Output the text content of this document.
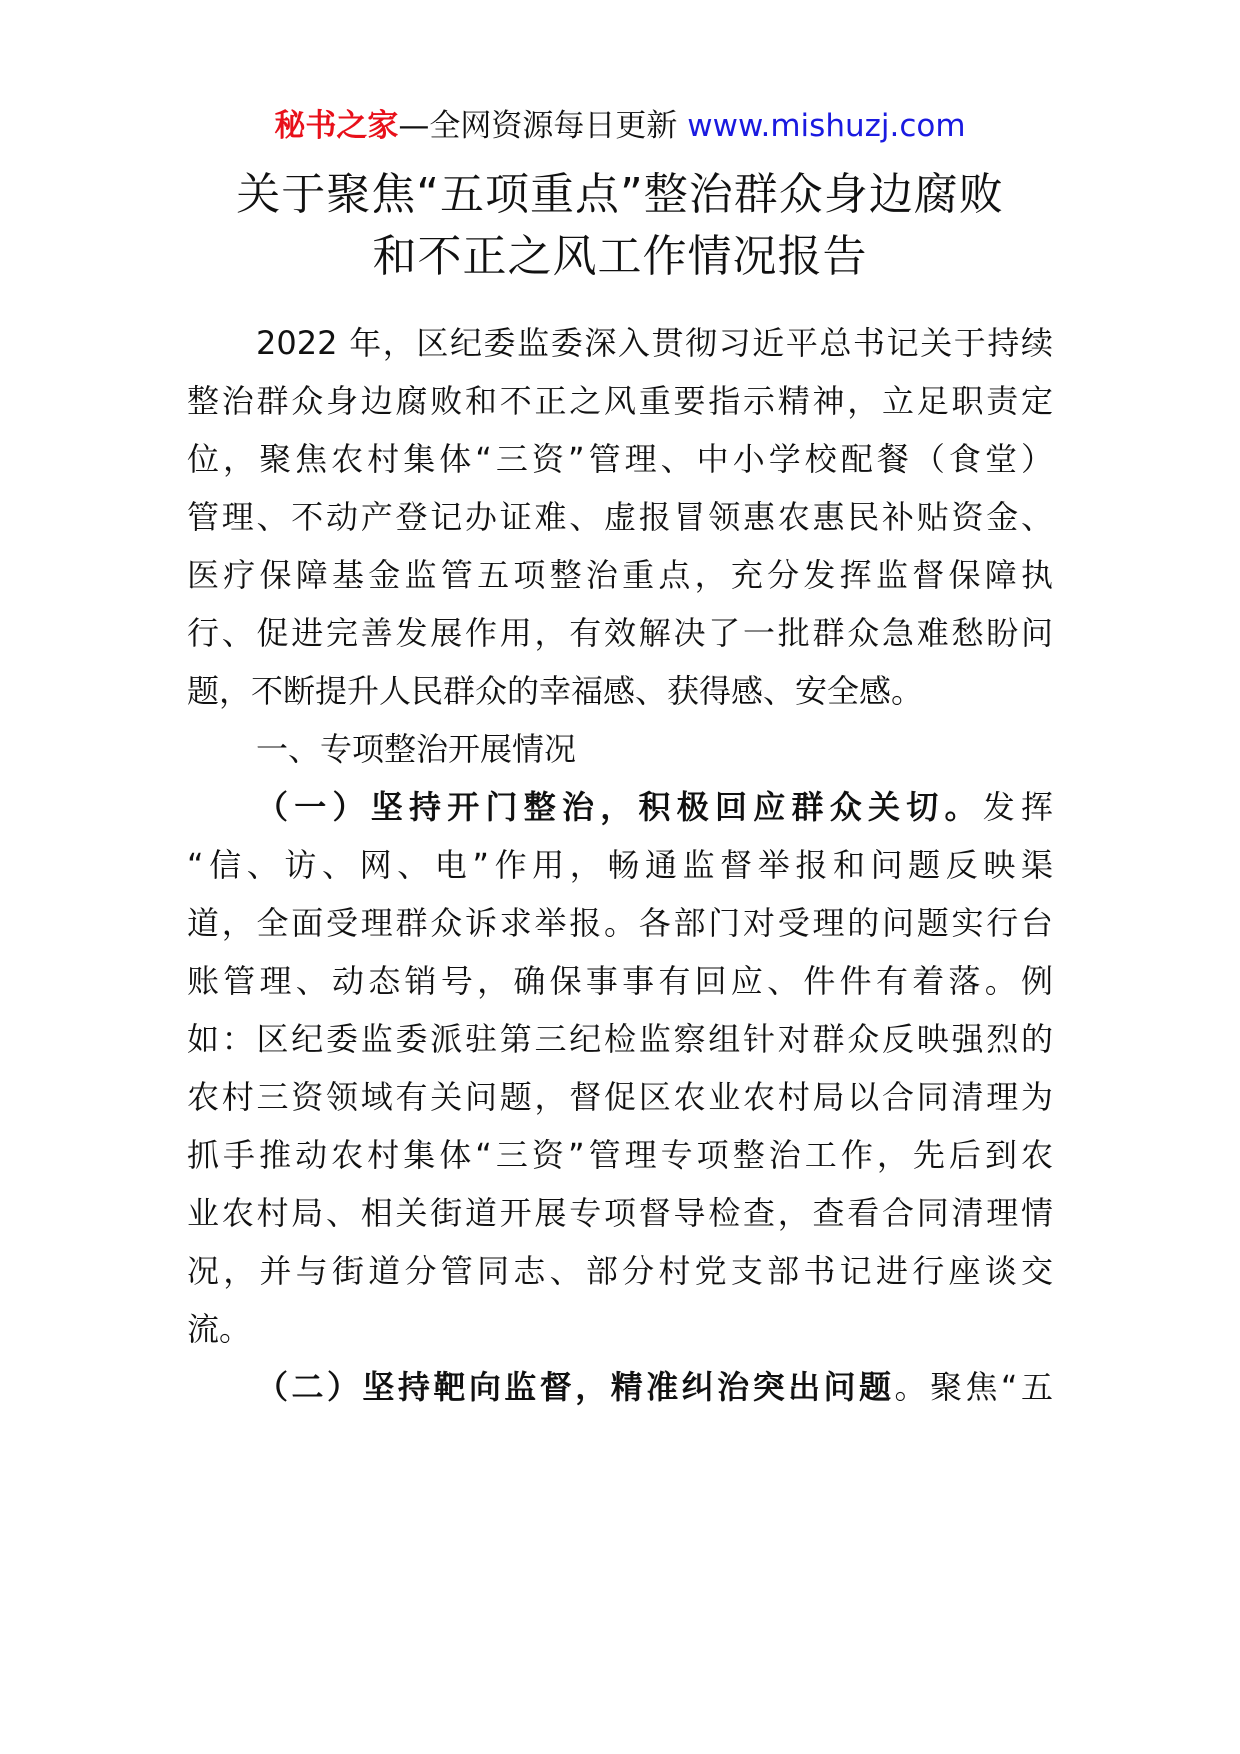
秘书之家—全网资源每日更新 www.mishuzj.com
关于聚焦“五项重点”整治群众身边腐败
和不正之风工作情况报告
2022 年，区纪委监委深入贯彻习近平总书记关于持续
整治群众身边腐败和不正之风重要指示精神，立足职责定
位，聚焦农村集体“三资”管理、中小学校配餐（食堂）
管理、不动产登记办证难、虚报冒领惠农惠民补贴资金、
医疗保障基金监管五项整治重点，充分发挥监督保障执
行、促进完善发展作用，有效解决了一批群众急难愁盼问
题，不断提升人民群众的幸福感、获得感、安全感。
一、专项整治开展情况
（一）坚持开门整治，积极回应群众关切。发挥
“信、访、网、电”作用，畅通监督举报和问题反映渠
道，全面受理群众诉求举报。各部门对受理的问题实行台
账管理、动态销号，确保事事有回应、件件有着落。例
如：区纪委监委派驻第三纪检监察组针对群众反映强烈的
农村三资领域有关问题，督促区农业农村局以合同清理为
抓手推动农村集体“三资”管理专项整治工作，先后到农
业农村局、相关街道开展专项督导检查，查看合同清理情
况，并与街道分管同志、部分村党支部书记进行座谈交
流。
（二）坚持靶向监督，精准纠治突出问题。聚焦“五
